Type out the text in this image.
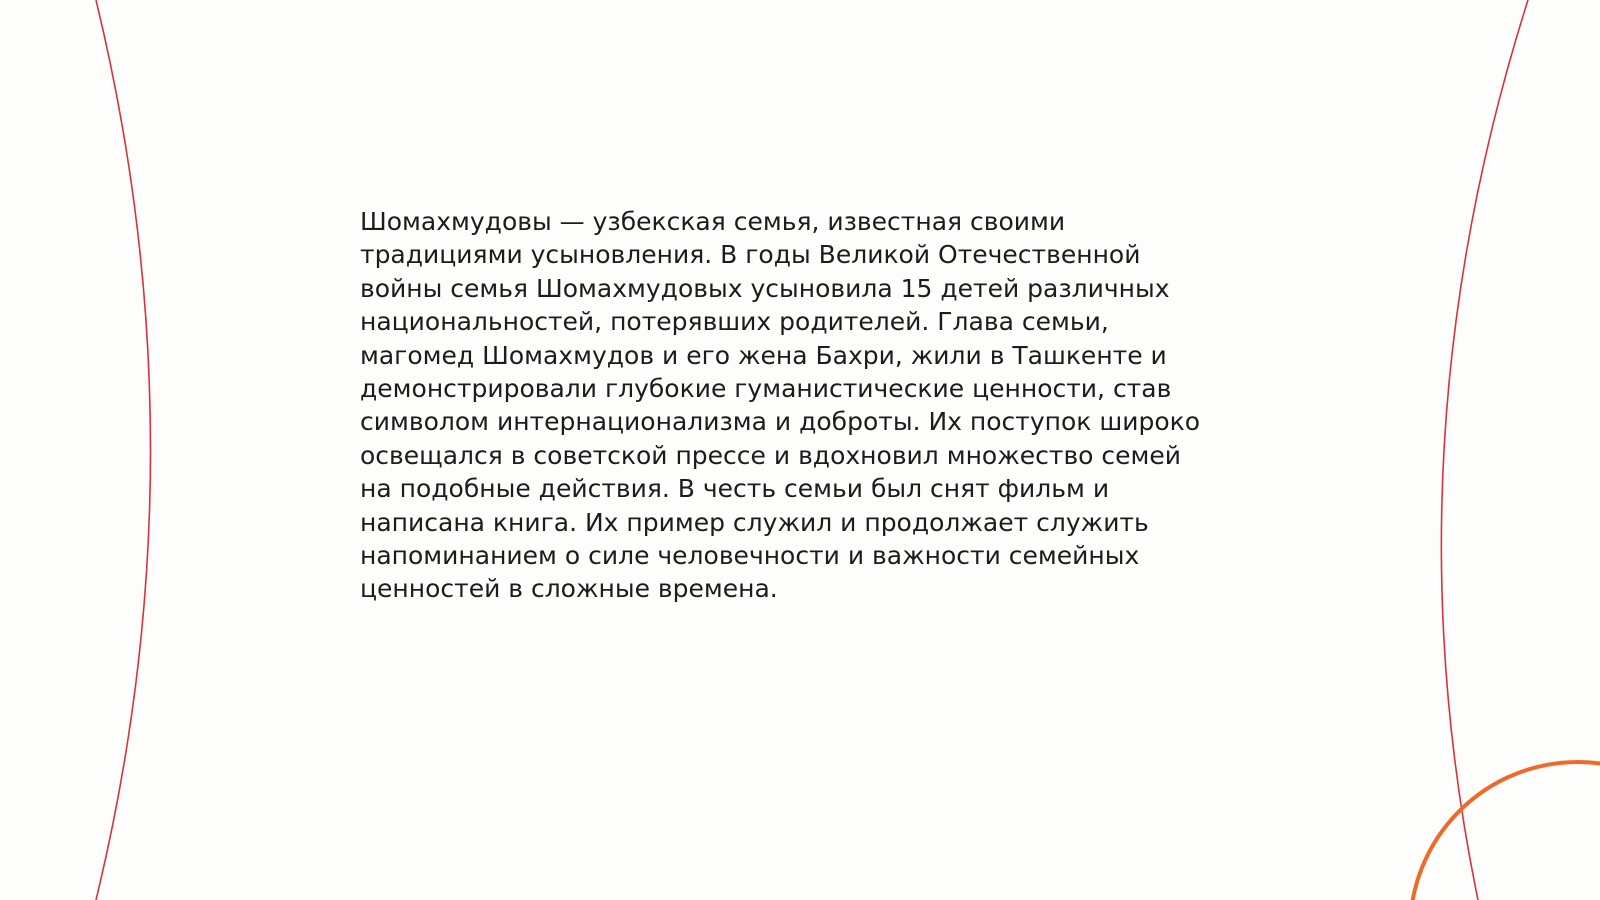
Шомахмудовы — узбекская семья, известная своими
традициями усыновления. В годы Великой Отечественной
войны семья Шомахмудовых усыновила 15 детей различных
национальностей, потерявших родителей. Глава семьи,
магомед Шомахмудов и его жена Бахри, жили в Ташкенте и
демонстрировали глубокие гуманистические ценности, став
символом интернационализма и доброты. Их поступок широко
освещался в советской прессе и вдохновил множество семей
на подобные действия. В честь семьи был снят фильм и
написана книга. Их пример служил и продолжает служить
напоминанием о силе человечности и важности семейных
ценностей в сложные времена.
